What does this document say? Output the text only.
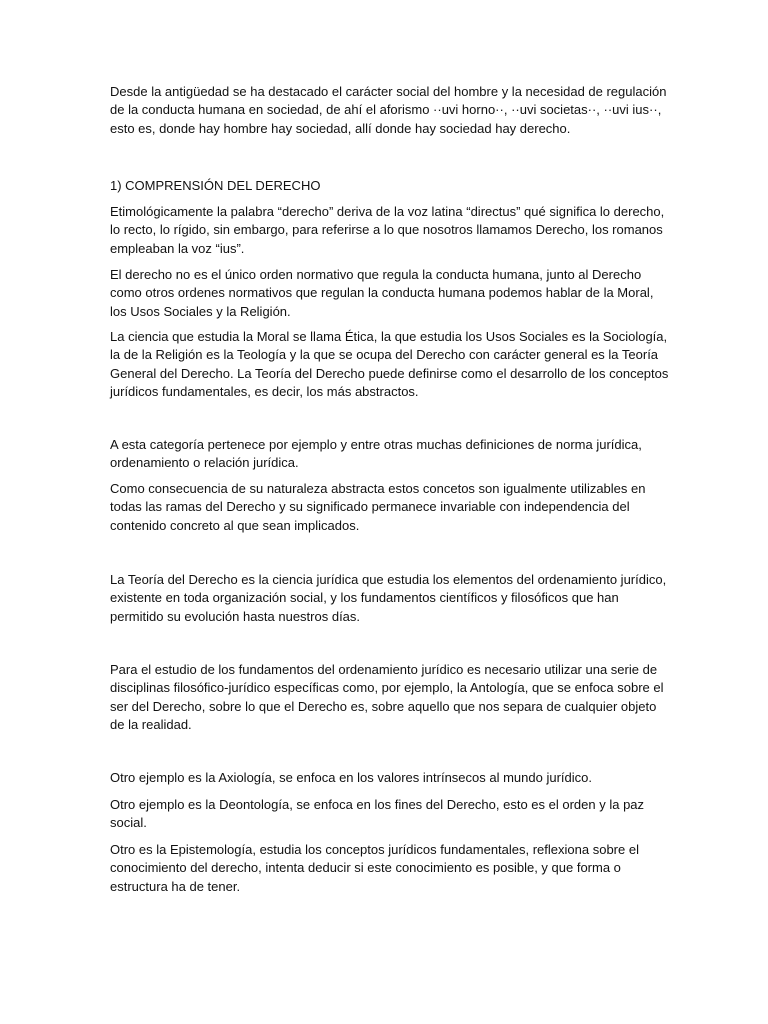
Desde la antigüedad se ha destacado el carácter social del hombre y la necesidad de regulación de la conducta humana en sociedad, de ahí el aforismo ··uvi horno··, ··uvi societas··, ··uvi ius··, esto es, donde hay hombre hay sociedad, allí donde hay sociedad hay derecho.

1) COMPRENSIÓN DEL DERECHO

Etimológicamente la palabra “derecho” deriva de la voz latina “directus” qué significa lo derecho, lo recto, lo rígido, sin embargo, para referirse a lo que nosotros llamamos Derecho, los romanos empleaban la voz “ius”.

El derecho no es el único orden normativo que regula la conducta humana, junto al Derecho como otros ordenes normativos que regulan la conducta humana podemos hablar de la Moral, los Usos Sociales y la Religión.

La ciencia que estudia la Moral se llama Ética, la que estudia los Usos Sociales es la Sociología, la de la Religión es la Teología y la que se ocupa del Derecho con carácter general es la Teoría General del Derecho. La Teoría del Derecho puede definirse como el desarrollo de los conceptos jurídicos fundamentales, es decir, los más abstractos.

A esta categoría pertenece por ejemplo y entre otras muchas definiciones de norma jurídica, ordenamiento o relación jurídica.

Como consecuencia de su naturaleza abstracta estos concetos son igualmente utilizables en todas las ramas del Derecho y su significado permanece invariable con independencia del contenido concreto al que sean implicados.

La Teoría del Derecho es la ciencia jurídica que estudia los elementos del ordenamiento jurídico, existente en toda organización social, y los fundamentos científicos y filosóficos que han permitido su evolución hasta nuestros días.

Para el estudio de los fundamentos del ordenamiento jurídico es necesario utilizar una serie de disciplinas filosófico-jurídico específicas como, por ejemplo, la Antología, que se enfoca sobre el ser del Derecho, sobre lo que el Derecho es, sobre aquello que nos separa de cualquier objeto de la realidad.

Otro ejemplo es la Axiología, se enfoca en los valores intrínsecos al mundo jurídico.

Otro ejemplo es la Deontología, se enfoca en los fines del Derecho, esto es el orden y la paz social.

Otro es la Epistemología, estudia los conceptos jurídicos fundamentales, reflexiona sobre el conocimiento del derecho, intenta deducir si este conocimiento es posible, y que forma o estructura ha de tener.
